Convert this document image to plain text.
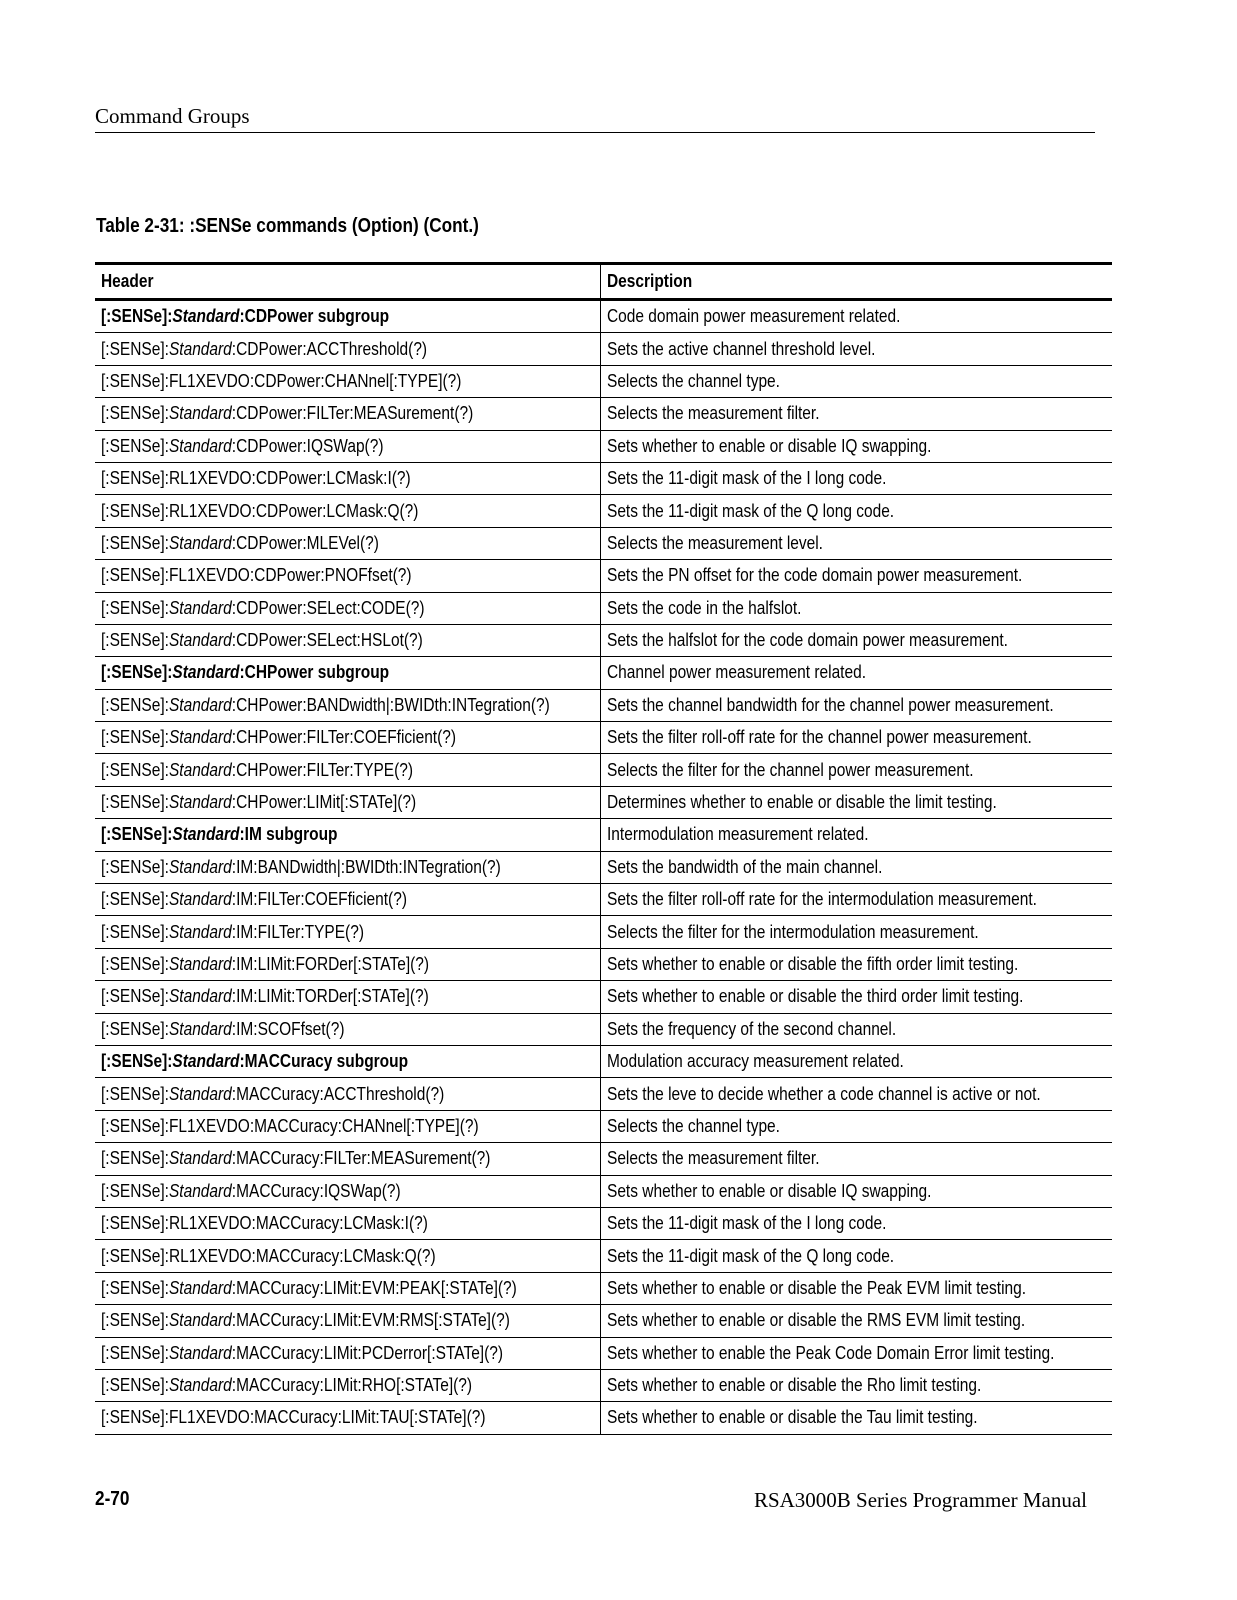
Command Groups
Table 2-31: :SENSe commands (Option) (Cont.)
Header	Description
[:SENSe]:Standard:CDPower subgroup	Code domain power measurement related.
[:SENSe]:Standard:CDPower:ACCThreshold(?)	Sets the active channel threshold level.
[:SENSe]:FL1XEVDO:CDPower:CHANnel[:TYPE](?)	Selects the channel type.
[:SENSe]:Standard:CDPower:FILTer:MEASurement(?)	Selects the measurement filter.
[:SENSe]:Standard:CDPower:IQSWap(?)	Sets whether to enable or disable IQ swapping.
[:SENSe]:RL1XEVDO:CDPower:LCMask:I(?)	Sets the 11-digit mask of the I long code.
[:SENSe]:RL1XEVDO:CDPower:LCMask:Q(?)	Sets the 11-digit mask of the Q long code.
[:SENSe]:Standard:CDPower:MLEVel(?)	Selects the measurement level.
[:SENSe]:FL1XEVDO:CDPower:PNOFfset(?)	Sets the PN offset for the code domain power measurement.
[:SENSe]:Standard:CDPower:SELect:CODE(?)	Sets the code in the halfslot.
[:SENSe]:Standard:CDPower:SELect:HSLot(?)	Sets the halfslot for the code domain power measurement.
[:SENSe]:Standard:CHPower subgroup	Channel power measurement related.
[:SENSe]:Standard:CHPower:BANDwidth|:BWIDth:INTegration(?)	Sets the channel bandwidth for the channel power measurement.
[:SENSe]:Standard:CHPower:FILTer:COEFficient(?)	Sets the filter roll-off rate for the channel power measurement.
[:SENSe]:Standard:CHPower:FILTer:TYPE(?)	Selects the filter for the channel power measurement.
[:SENSe]:Standard:CHPower:LIMit[:STATe](?)	Determines whether to enable or disable the limit testing.
[:SENSe]:Standard:IM subgroup	Intermodulation measurement related.
[:SENSe]:Standard:IM:BANDwidth|:BWIDth:INTegration(?)	Sets the bandwidth of the main channel.
[:SENSe]:Standard:IM:FILTer:COEFficient(?)	Sets the filter roll-off rate for the intermodulation measurement.
[:SENSe]:Standard:IM:FILTer:TYPE(?)	Selects the filter for the intermodulation measurement.
[:SENSe]:Standard:IM:LIMit:FORDer[:STATe](?)	Sets whether to enable or disable the fifth order limit testing.
[:SENSe]:Standard:IM:LIMit:TORDer[:STATe](?)	Sets whether to enable or disable the third order limit testing.
[:SENSe]:Standard:IM:SCOFfset(?)	Sets the frequency of the second channel.
[:SENSe]:Standard:MACCuracy subgroup	Modulation accuracy measurement related.
[:SENSe]:Standard:MACCuracy:ACCThreshold(?)	Sets the leve to decide whether a code channel is active or not.
[:SENSe]:FL1XEVDO:MACCuracy:CHANnel[:TYPE](?)	Selects the channel type.
[:SENSe]:Standard:MACCuracy:FILTer:MEASurement(?)	Selects the measurement filter.
[:SENSe]:Standard:MACCuracy:IQSWap(?)	Sets whether to enable or disable IQ swapping.
[:SENSe]:RL1XEVDO:MACCuracy:LCMask:I(?)	Sets the 11-digit mask of the I long code.
[:SENSe]:RL1XEVDO:MACCuracy:LCMask:Q(?)	Sets the 11-digit mask of the Q long code.
[:SENSe]:Standard:MACCuracy:LIMit:EVM:PEAK[:STATe](?)	Sets whether to enable or disable the Peak EVM limit testing.
[:SENSe]:Standard:MACCuracy:LIMit:EVM:RMS[:STATe](?)	Sets whether to enable or disable the RMS EVM limit testing.
[:SENSe]:Standard:MACCuracy:LIMit:PCDerror[:STATe](?)	Sets whether to enable the Peak Code Domain Error limit testing.
[:SENSe]:Standard:MACCuracy:LIMit:RHO[:STATe](?)	Sets whether to enable or disable the Rho limit testing.
[:SENSe]:FL1XEVDO:MACCuracy:LIMit:TAU[:STATe](?)	Sets whether to enable or disable the Tau limit testing.
2-70	RSA3000B Series Programmer Manual
